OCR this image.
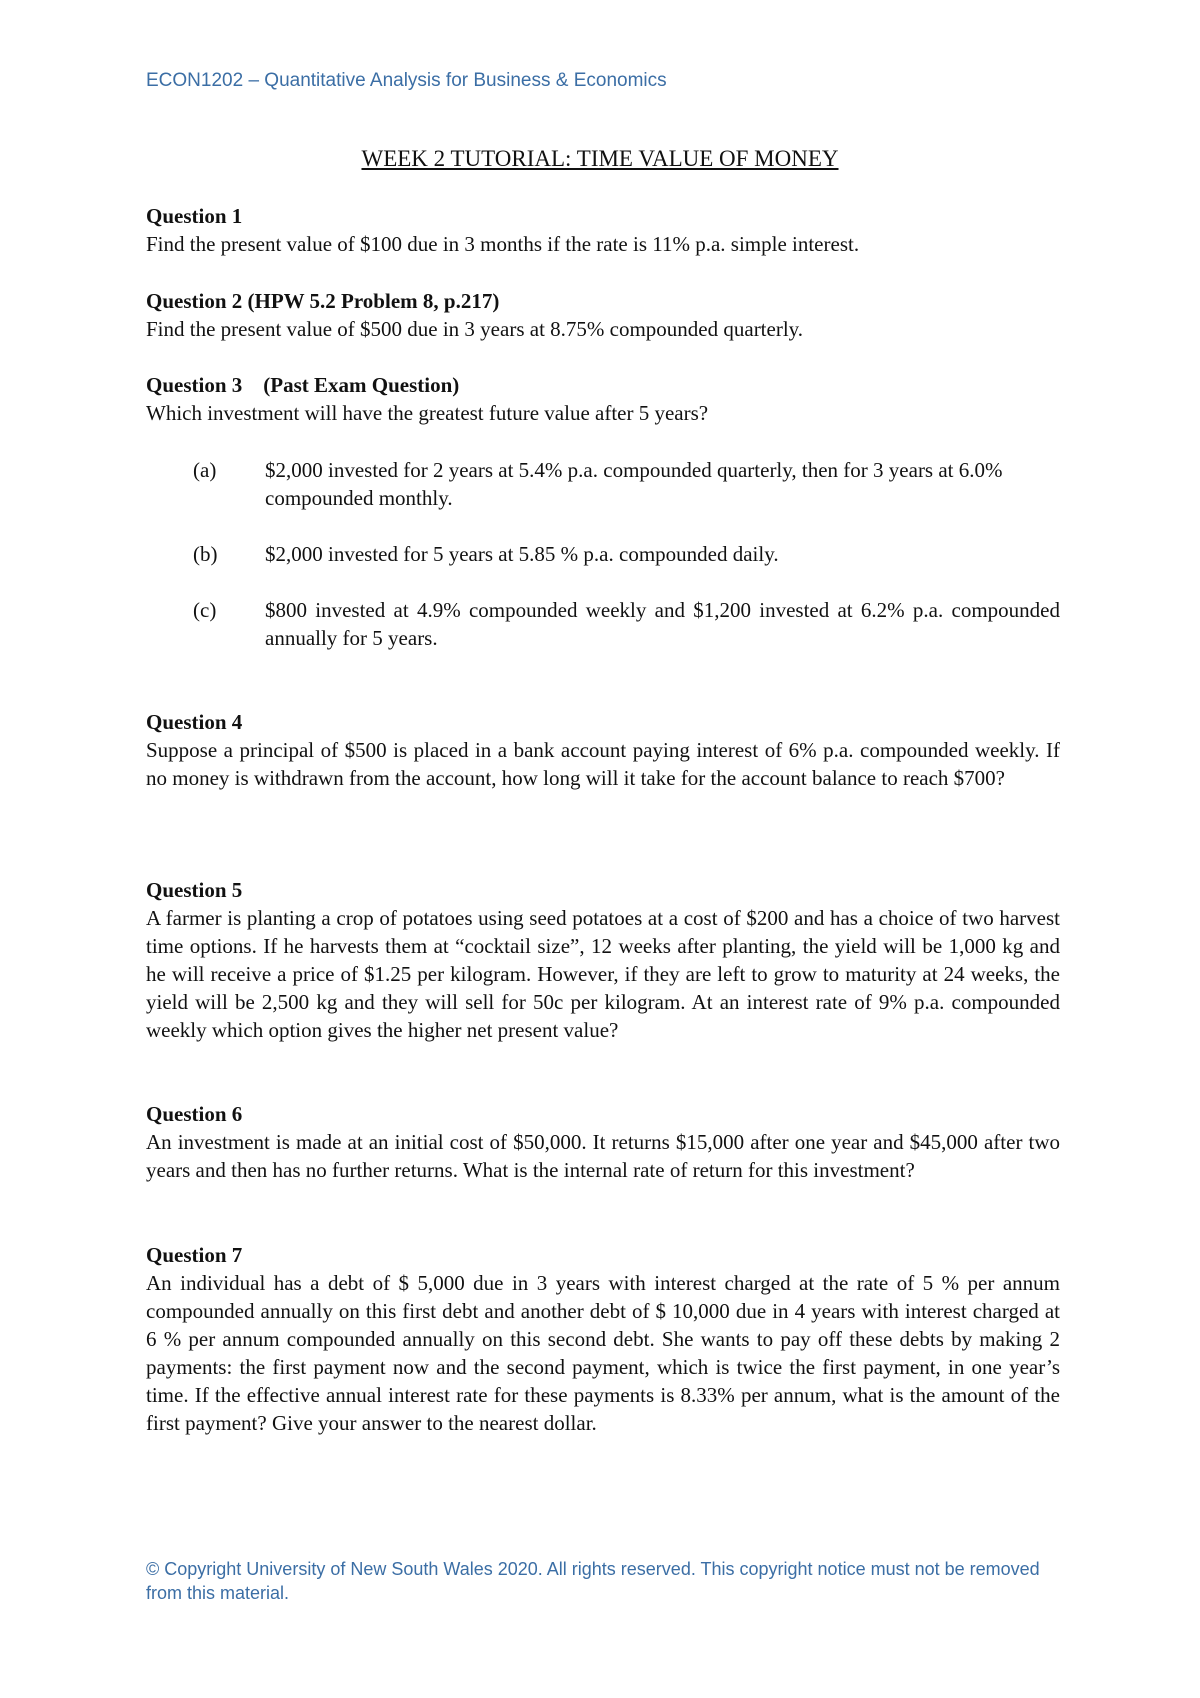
ECON1202 – Quantitative Analysis for Business & Economics
WEEK 2 TUTORIAL: TIME VALUE OF MONEY
Question 1
Find the present value of $100 due in 3 months if the rate is 11% p.a. simple interest.
Question 2 (HPW 5.2 Problem 8, p.217)
Find the present value of $500 due in 3 years at 8.75% compounded quarterly.
Question 3    (Past Exam Question)
Which investment will have the greatest future value after 5 years?
(a) $2,000 invested for 2 years at 5.4% p.a. compounded quarterly, then for 3 years at 6.0% compounded monthly.
(b) $2,000 invested for 5 years at 5.85 % p.a. compounded daily.
(c) $800 invested at 4.9% compounded weekly and $1,200 invested at 6.2% p.a. compounded annually for 5 years.
Question 4
Suppose a principal of $500 is placed in a bank account paying interest of 6% p.a. compounded weekly. If no money is withdrawn from the account, how long will it take for the account balance to reach $700?
Question 5
A farmer is planting a crop of potatoes using seed potatoes at a cost of $200 and has a choice of two harvest time options. If he harvests them at “cocktail size”, 12 weeks after planting, the yield will be 1,000 kg and he will receive a price of $1.25 per kilogram. However, if they are left to grow to maturity at 24 weeks, the yield will be 2,500 kg and they will sell for 50c per kilogram. At an interest rate of 9% p.a. compounded weekly which option gives the higher net present value?
Question 6
An investment is made at an initial cost of $50,000. It returns $15,000 after one year and $45,000 after two years and then has no further returns. What is the internal rate of return for this investment?
Question 7
An individual has a debt of $ 5,000 due in 3 years with interest charged at the rate of 5 % per annum compounded annually on this first debt and another debt of $ 10,000 due in 4 years with interest charged at 6 % per annum compounded annually on this second debt. She wants to pay off these debts by making 2 payments: the first payment now and the second payment, which is twice the first payment, in one year’s time. If the effective annual interest rate for these payments is 8.33% per annum, what is the amount of the first payment? Give your answer to the nearest dollar.
© Copyright University of New South Wales 2020. All rights reserved. This copyright notice must not be removed from this material.
